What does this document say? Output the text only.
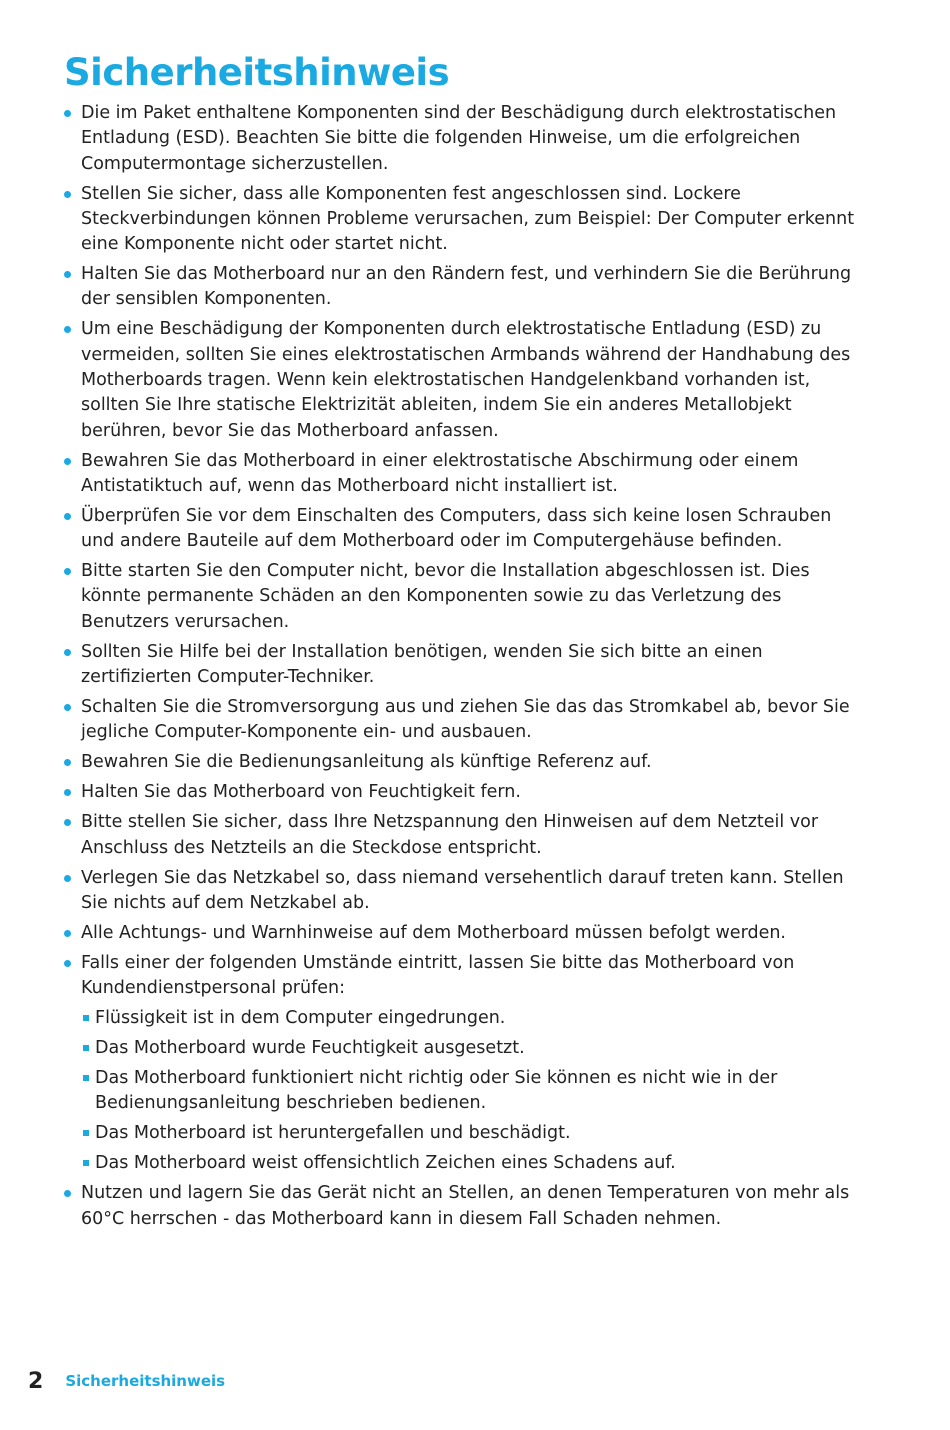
Sicherheitshinweis
Die im Paket enthaltene Komponenten sind der Beschädigung durch elektrostatischen Entladung (ESD). Beachten Sie bitte die folgenden Hinweise, um die erfolgreichen Computermontage sicherzustellen.
Stellen Sie sicher, dass alle Komponenten fest angeschlossen sind. Lockere Steckverbindungen können Probleme verursachen, zum Beispiel: Der Computer erkennt eine Komponente nicht oder startet nicht.
Halten Sie das Motherboard nur an den Rändern fest, und verhindern Sie die Berührung der sensiblen Komponenten.
Um eine Beschädigung der Komponenten durch elektrostatische Entladung (ESD) zu vermeiden, sollten Sie eines elektrostatischen Armbands während der Handhabung des Motherboards tragen. Wenn kein elektrostatischen Handgelenkband vorhanden ist, sollten Sie Ihre statische Elektrizität ableiten, indem Sie ein anderes Metallobjekt berühren, bevor Sie das Motherboard anfassen.
Bewahren Sie das Motherboard in einer elektrostatische Abschirmung oder einem Antistatiktuch auf, wenn das Motherboard nicht installiert ist.
Überprüfen Sie vor dem Einschalten des Computers, dass sich keine losen Schrauben und andere Bauteile auf dem Motherboard oder im Computergehäuse befinden.
Bitte starten Sie den Computer nicht, bevor die Installation abgeschlossen ist. Dies könnte permanente Schäden an den Komponenten sowie zu das Verletzung des Benutzers verursachen.
Sollten Sie Hilfe bei der Installation benötigen, wenden Sie sich bitte an einen zertifizierten Computer-Techniker.
Schalten Sie die Stromversorgung aus und ziehen Sie das das Stromkabel ab, bevor Sie jegliche Computer-Komponente ein- und ausbauen.
Bewahren Sie die Bedienungsanleitung als künftige Referenz auf.
Halten Sie das Motherboard von Feuchtigkeit fern.
Bitte stellen Sie sicher, dass Ihre Netzspannung den Hinweisen auf dem Netzteil vor Anschluss des Netzteils an die Steckdose entspricht.
Verlegen Sie das Netzkabel so, dass niemand versehentlich darauf treten kann. Stellen Sie nichts auf dem Netzkabel ab.
Alle Achtungs- und Warnhinweise auf dem Motherboard müssen befolgt werden.
Falls einer der folgenden Umstände eintritt, lassen Sie bitte das Motherboard von Kundendienstpersonal prüfen:
Flüssigkeit ist in dem Computer eingedrungen.
Das Motherboard wurde Feuchtigkeit ausgesetzt.
Das Motherboard funktioniert nicht richtig oder Sie können es nicht wie in der Bedienungsanleitung beschrieben bedienen.
Das Motherboard ist heruntergefallen und beschädigt.
Das Motherboard weist offensichtlich Zeichen eines Schadens auf.
Nutzen und lagern Sie das Gerät nicht an Stellen, an denen Temperaturen von mehr als 60°C herrschen - das Motherboard kann in diesem Fall Schaden nehmen.
2 Sicherheitshinweis
